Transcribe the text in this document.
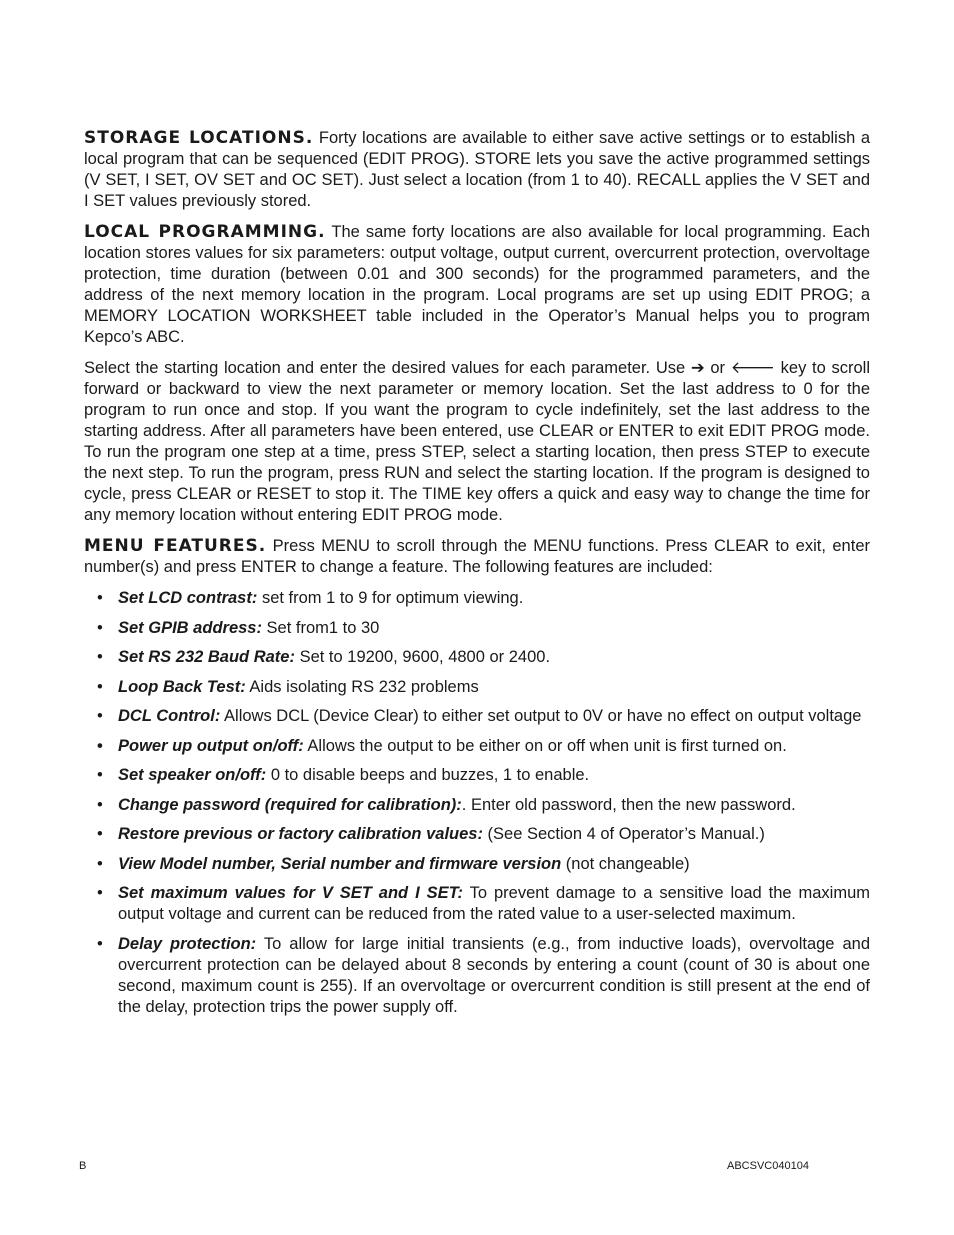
STORAGE LOCATIONS. Forty locations are available to either save active settings or to establish a local program that can be sequenced (EDIT PROG). STORE lets you save the active programmed settings (V SET, I SET, OV SET and OC SET). Just select a location (from 1 to 40). RECALL applies the V SET and I SET values previously stored.

LOCAL PROGRAMMING. The same forty locations are also available for local programming. Each location stores values for six parameters: output voltage, output current, overcurrent protection, overvoltage protection, time duration (between 0.01 and 300 seconds) for the programmed parameters, and the address of the next memory location in the program. Local programs are set up using EDIT PROG; a MEMORY LOCATION WORKSHEET table included in the Operator’s Manual helps you to program Kepco’s ABC.

Select the starting location and enter the desired values for each parameter. Use ➔ or 🡐 key to scroll forward or backward to view the next parameter or memory location. Set the last address to 0 for the program to run once and stop. If you want the program to cycle indefinitely, set the last address to the starting address. After all parameters have been entered, use CLEAR or ENTER to exit EDIT PROG mode. To run the program one step at a time, press STEP, select a starting location, then press STEP to execute the next step. To run the program, press RUN and select the starting location. If the program is designed to cycle, press CLEAR or RESET to stop it. The TIME key offers a quick and easy way to change the time for any memory location without entering EDIT PROG mode.

MENU FEATURES. Press MENU to scroll through the MENU functions. Press CLEAR to exit, enter number(s) and press ENTER to change a feature. The following features are included:

• Set LCD contrast: set from 1 to 9 for optimum viewing.
• Set GPIB address: Set from1 to 30
• Set RS 232 Baud Rate: Set to 19200, 9600, 4800 or 2400.
• Loop Back Test: Aids isolating RS 232 problems
• DCL Control: Allows DCL (Device Clear) to either set output to 0V or have no effect on output voltage
• Power up output on/off: Allows the output to be either on or off when unit is first turned on.
• Set speaker on/off: 0 to disable beeps and buzzes, 1 to enable.
• Change password (required for calibration):. Enter old password, then the new password.
• Restore previous or factory calibration values: (See Section 4 of Operator’s Manual.)
• View Model number, Serial number and firmware version (not changeable)
• Set maximum values for V SET and I SET: To prevent damage to a sensitive load the maximum output voltage and current can be reduced from the rated value to a user-selected maximum.
• Delay protection: To allow for large initial transients (e.g., from inductive loads), overvoltage and overcurrent protection can be delayed about 8 seconds by entering a count (count of 30 is about one second, maximum count is 255). If an overvoltage or overcurrent condition is still present at the end of the delay, protection trips the power supply off.
B	ABCSVC040104
